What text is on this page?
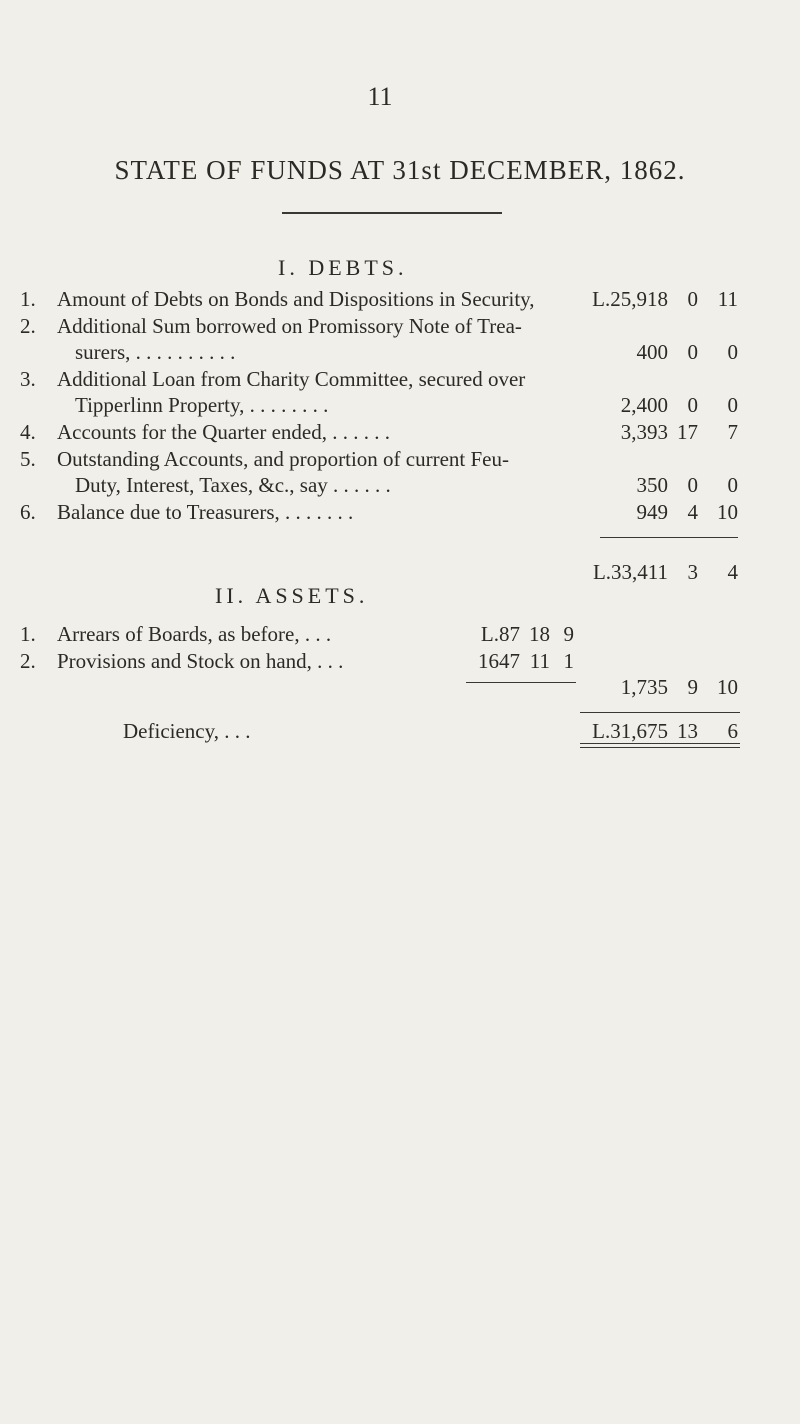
11
STATE OF FUNDS AT 31st DECEMBER, 1862.
I. DEBTS.
1. Amount of Debts on Bonds and Dispositions in Security,	L.25,918 0 11
2. Additional Sum borrowed on Promissory Note of Trea-
surers, . . . . . . . . . .	400 0	0
3. Additional Loan from Charity Committee, secured over
Tipperlinn Property, . . . . . . . .	2,400 0	0
4. Accounts for the Quarter ended, . . . . . .	3,393 17	7
5. Outstanding Accounts, and proportion of current Feu-
Duty, Interest, Taxes, &c., say . . . . . .	350 0	0
6. Balance due to Treasurers, . . . . . . .	949 4 10
L.33,411 3	4
II. ASSETS.
1. Arrears of Boards, as before, . . .	L.87 18 9
2. Provisions and Stock on hand, . . .	1647 11 1
1,735 9 10
Deficiency, . . .	L.31,675 13	6
